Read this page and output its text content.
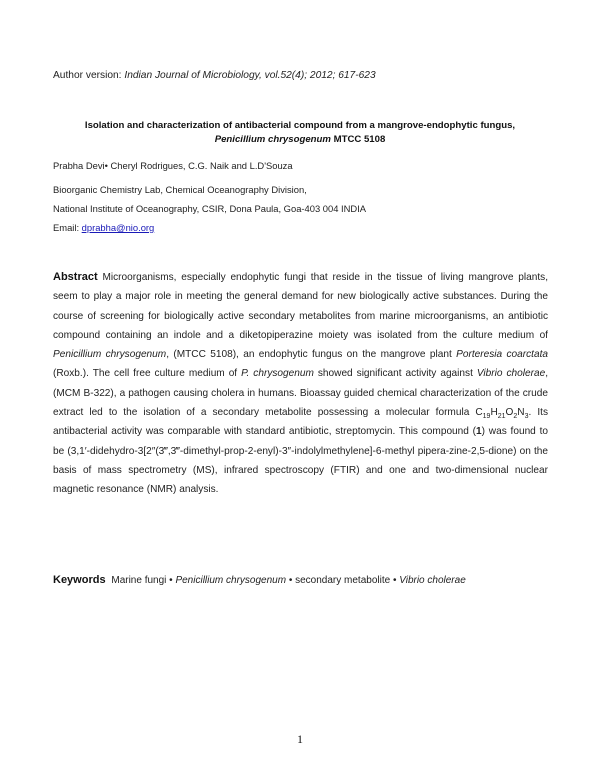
Author version: Indian Journal of Microbiology, vol.52(4); 2012; 617-623
Isolation and characterization of antibacterial compound from a mangrove-endophytic fungus,
Penicillium chrysogenum MTCC 5108
Prabha Devi• Cheryl Rodrigues, C.G. Naik and L.D'Souza
Bioorganic Chemistry Lab, Chemical Oceanography Division,
National Institute of Oceanography, CSIR, Dona Paula, Goa-403 004 INDIA
Email: dprabha@nio.org
Abstract Microorganisms, especially endophytic fungi that reside in the tissue of living mangrove plants, seem to play a major role in meeting the general demand for new biologically active substances. During the course of screening for biologically active secondary metabolites from marine microorganisms, an antibiotic compound containing an indole and a diketopiperazine moiety was isolated from the culture medium of Penicillium chrysogenum, (MTCC 5108), an endophytic fungus on the mangrove plant Porteresia coarctata (Roxb.). The cell free culture medium of P. chrysogenum showed significant activity against Vibrio cholerae, (MCM B-322), a pathogen causing cholera in humans. Bioassay guided chemical characterization of the crude extract led to the isolation of a secondary metabolite possessing a molecular formula $C_{19}H_{21}O_2N_3$. Its antibacterial activity was comparable with standard antibiotic, streptomycin. This compound (1) was found to be (3,1′-didehydro-3[2″(3‴,3‴-dimethyl-prop-2-enyl)-3″-indolylmethylene]-6-methyl pipera-zine-2,5-dione) on the basis of mass spectrometry (MS), infrared spectroscopy (FTIR) and one and two-dimensional nuclear magnetic resonance (NMR) analysis.
Keywords Marine fungi • Penicillium chrysogenum • secondary metabolite • Vibrio cholerae
1
